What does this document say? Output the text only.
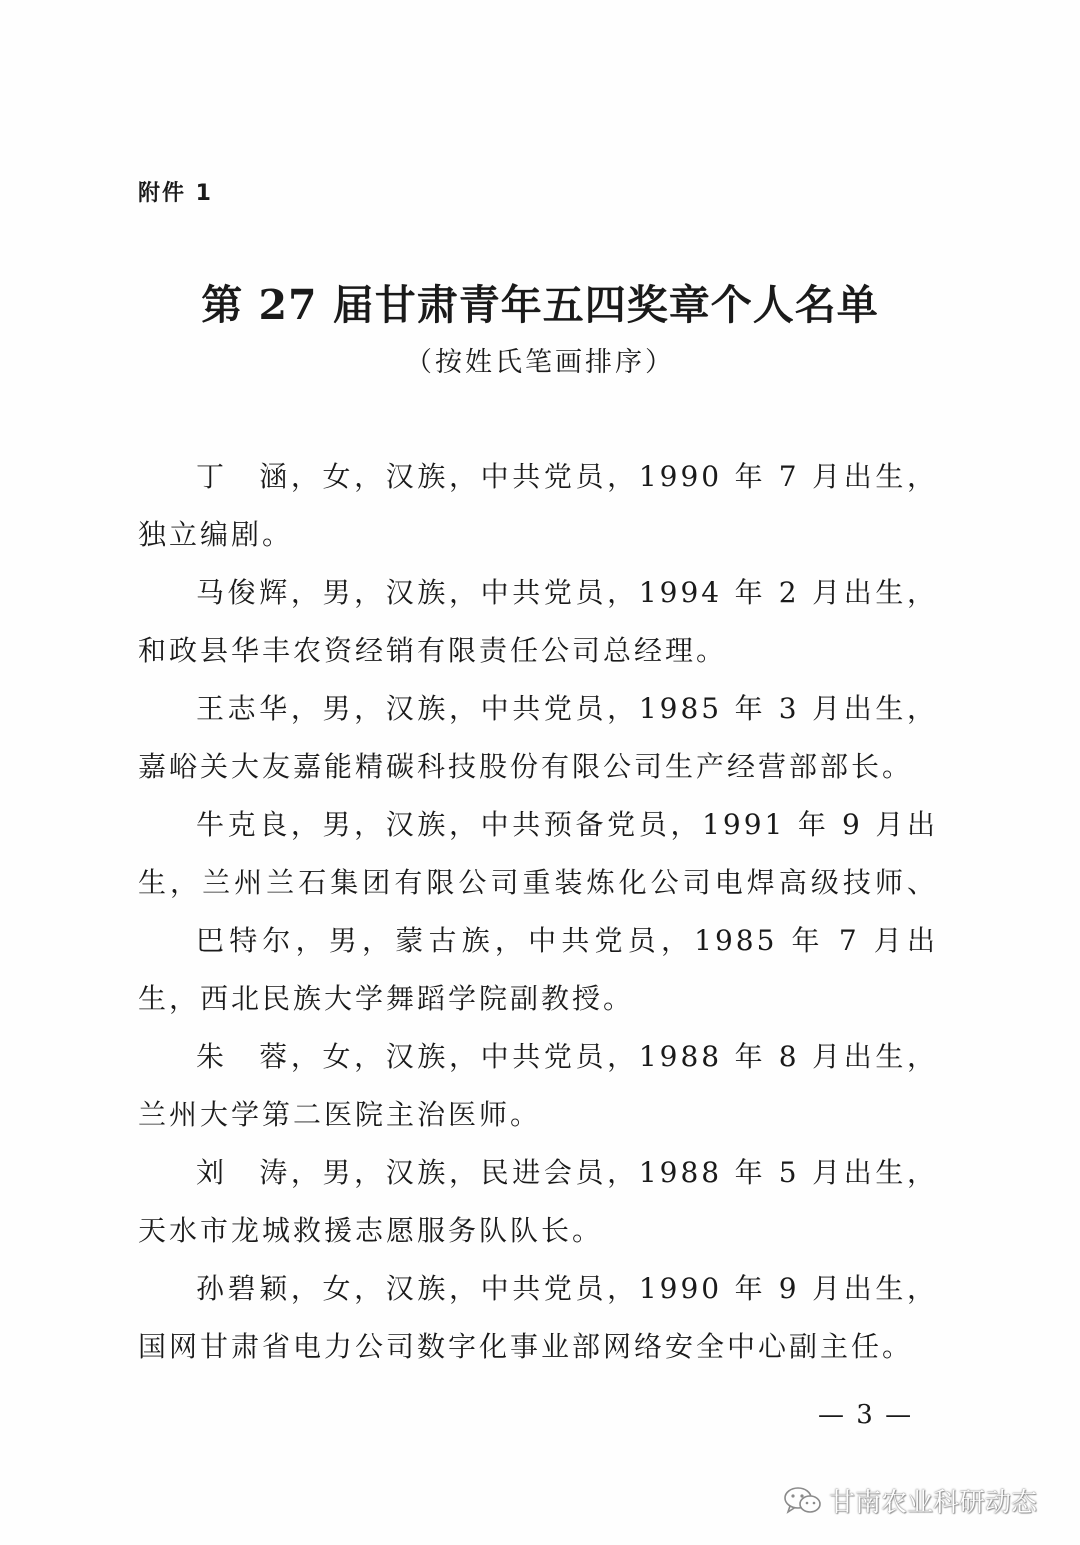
附件 1
第 27 届甘肃青年五四奖章个人名单
（按姓氏笔画排序）

丁　涵，女，汉族，中共党员，1990 年 7 月出生，独立编剧。

马俊辉，男，汉族，中共党员，1994 年 2 月出生，和政县华丰农资经销有限责任公司总经理。

王志华，男，汉族，中共党员，1985 年 3 月出生，嘉峪关大友嘉能精碳科技股份有限公司生产经营部部长。

牛克良，男，汉族，中共预备党员，1991 年 9 月出生，兰州兰石集团有限公司重装炼化公司电焊高级技师、

巴特尔，男，蒙古族，中共党员，1985 年 7 月出生，西北民族大学舞蹈学院副教授。

朱　蓉，女，汉族，中共党员，1988 年 8 月出生，兰州大学第二医院主治医师。

刘　涛，男，汉族，民进会员，1988 年 5 月出生，天水市龙城救援志愿服务队队长。

孙碧颖，女，汉族，中共党员，1990 年 9 月出生，国网甘肃省电力公司数字化事业部网络安全中心副主任。

— 3 —
甘南农业科研动态
